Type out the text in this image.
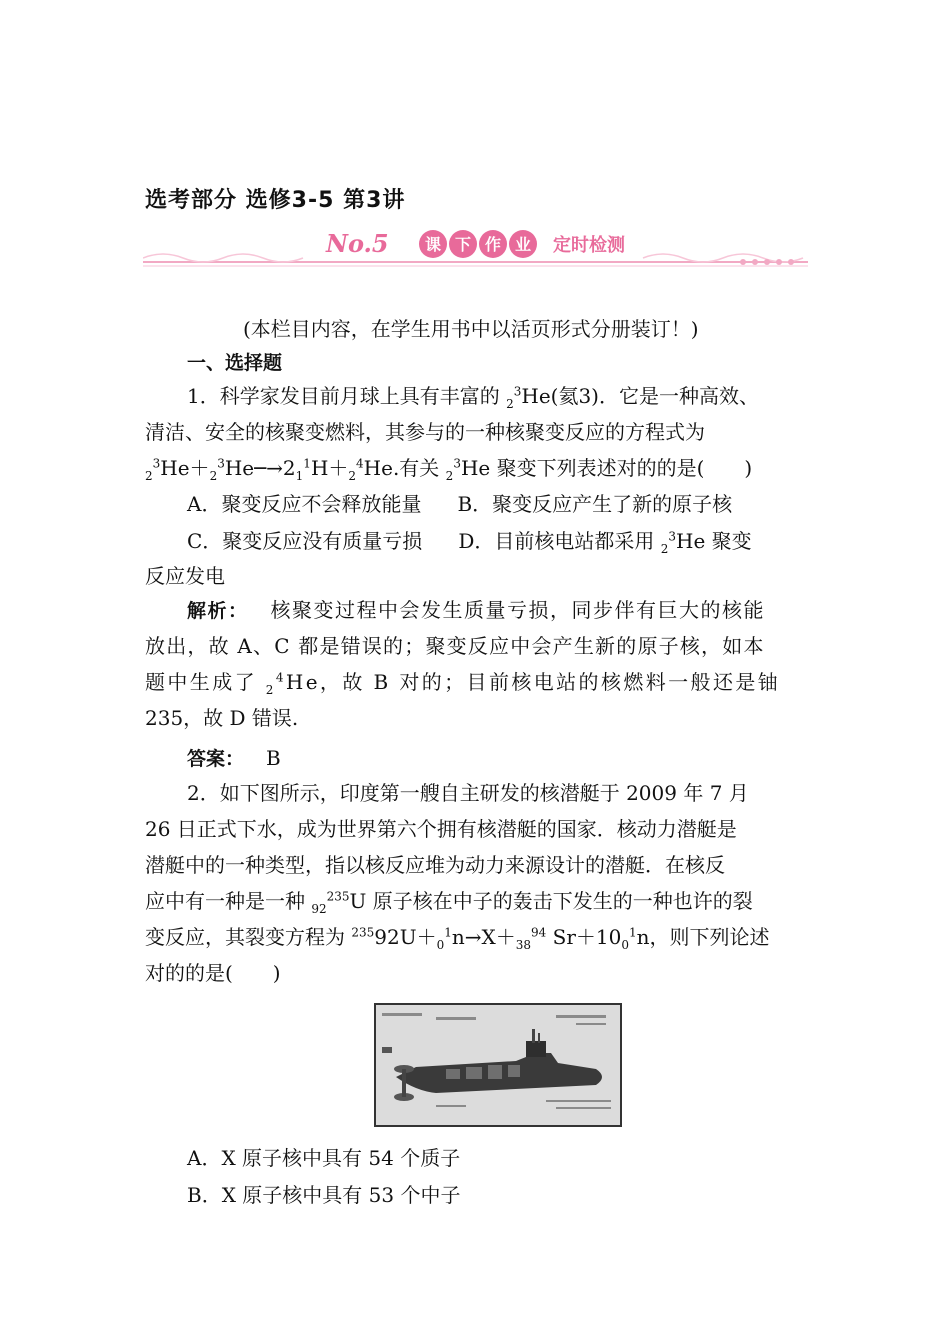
选考部分 选修3-5 第3讲
No.5 课 下 作 业 定时检测
(本栏目内容，在学生用书中以活页形式分册装订！)
一、选择题
1．科学家发目前月球上具有丰富的 $_2^3$He(氦3)．它是一种高效、
清洁、安全的核聚变燃料，其参与的一种核聚变反应的方程式为
$_2^3He+_2^3He─\to 2_1^1H+_2^4He$.有关 $_2^3$He 聚变下列表述对的的是(　　)
A．聚变反应不会释放能量 B．聚变反应产生了新的原子核
C．聚变反应没有质量亏损 D．目前核电站都采用 $_2^3$He 聚变
反应发电
解析： 核聚变过程中会发生质量亏损，同步伴有巨大的核能
放出，故 A、C 都是错误的；聚变反应中会产生新的原子核，如本
题中生成了 $_2^4$He，故 B 对的；目前核电站的核燃料一般还是铀
235，故 D 错误.
答案： B
2．如下图所示，印度第一艘自主研发的核潜艇于 2009 年 7 月
26 日正式下水，成为世界第六个拥有核潜艇的国家．核动力潜艇是
潜艇中的一种类型，指以核反应堆为动力来源设计的潜艇．在核反
应中有一种是一种 $_{92}^{235}$U 原子核在中子的轰击下发生的一种也许的裂
变反应，其裂变方程为 $^{235}92U+_0^1n\to X+_{38}^{94}$ $Sr+10_0^1n$，则下列论述
对的的是(　　)
A．X 原子核中具有 54 个质子
B．X 原子核中具有 53 个中子
